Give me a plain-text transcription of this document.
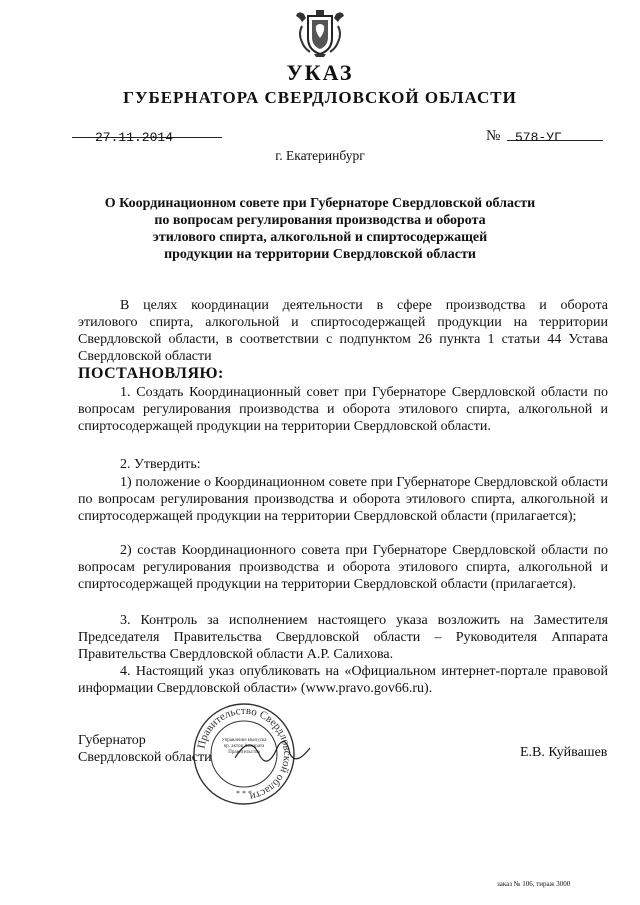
УКАЗ
ГУБЕРНАТОРА СВЕРДЛОВСКОЙ ОБЛАСТИ
27.11.2014	№ 578-УГ
г. Екатеринбург
О Координационном совете при Губернаторе Свердловской области
по вопросам регулирования производства и оборота
этилового спирта, алкогольной и спиртосодержащей
продукции на территории Свердловской области
В целях координации деятельности в сфере производства и оборота
этилового спирта, алкогольной и спиртосодержащей продукции на территории
Свердловской области, в соответствии с подпунктом 26 пункта 1 статьи 44 Устава
Свердловской области
ПОСТАНОВЛЯЮ:
1. Создать Координационный совет при Губернаторе Свердловской области по вопросам регулирования производства и оборота этилового спирта, алкогольной и спиртосодержащей продукции на территории Свердловской области.
2. Утвердить:
1) положение о Координационном совете при Губернаторе Свердловской области по вопросам регулирования производства и оборота этилового спирта, алкогольной и спиртосодержащей продукции на территории Свердловской области (прилагается);
2) состав Координационного совета при Губернаторе Свердловской области по вопросам регулирования производства и оборота этилового спирта, алкогольной и спиртосодержащей продукции на территории Свердловской области (прилагается).
3. Контроль за исполнением настоящего указа возложить на Заместителя Председателя Правительства Свердловской области – Руководителя Аппарата Правительства Свердловской области А.Р. Салихова.
4. Настоящий указ опубликовать на «Официальном интернет-портале правовой информации Свердловской области» (www.pravo.gov66.ru).
Губернатор
Свердловской области	Е.В. Куйвашев
Правительство Свердловской области
Управление Выпуска пр. актов Аппарата Правительства
* * *
заказ № 106, тираж 3000
